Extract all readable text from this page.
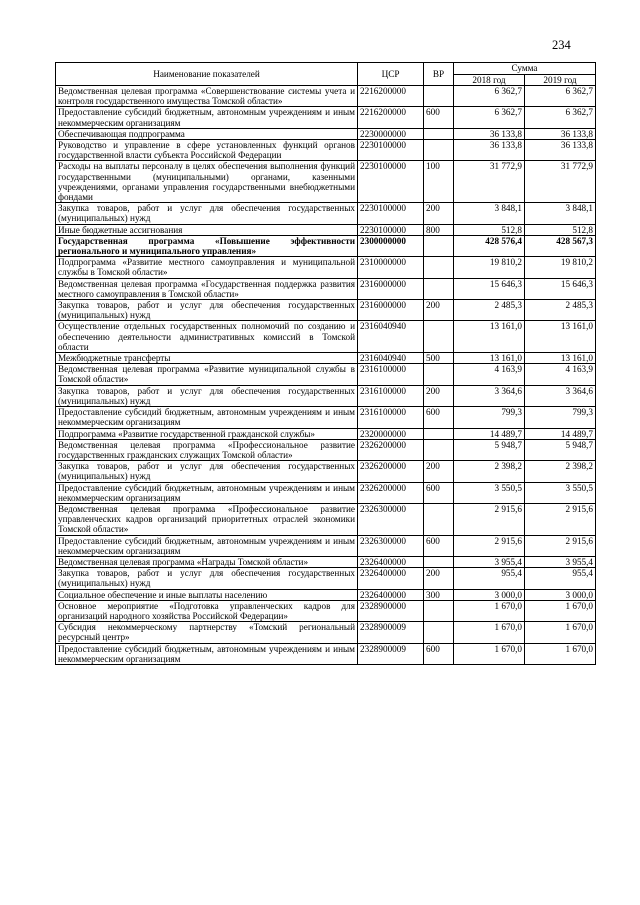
234
Наименование показателей	ЦСР	ВР	Сумма	
			2018 год	2019 год
Ведомственная целевая программа «Совершенствование системы учета и контроля государственного имущества Томской области»	2216200000		6 362,7	6 362,7
Предоставление субсидий бюджетным, автономным учреждениям и иным некоммерческим организациям	2216200000	600	6 362,7	6 362,7
Обеспечивающая подпрограмма	2230000000		36 133,8	36 133,8
Руководство и управление в сфере установленных функций органов государственной власти субъекта Российской Федерации	2230100000		36 133,8	36 133,8
Расходы на выплаты персоналу в целях обеспечения выполнения функций государственными (муниципальными) органами, казенными учреждениями, органами управления государственными внебюджетными фондами	2230100000	100	31 772,9	31 772,9
Закупка товаров, работ и услуг для обеспечения государственных (муниципальных) нужд	2230100000	200	3 848,1	3 848,1
Иные бюджетные ассигнования	2230100000	800	512,8	512,8
Государственная программа «Повышение эффективности регионального и муниципального управления»	2300000000		428 576,4	428 567,3
Подпрограмма «Развитие местного самоуправления и муниципальной службы в Томской области»	2310000000		19 810,2	19 810,2
Ведомственная целевая программа «Государственная поддержка развития местного самоуправления в Томской области»	2316000000		15 646,3	15 646,3
Закупка товаров, работ и услуг для обеспечения государственных (муниципальных) нужд	2316000000	200	2 485,3	2 485,3
Осуществление отдельных государственных полномочий по созданию и обеспечению деятельности административных комиссий в Томской области	2316040940		13 161,0	13 161,0
Межбюджетные трансферты	2316040940	500	13 161,0	13 161,0
Ведомственная целевая программа «Развитие муниципальной службы в Томской области»	2316100000		4 163,9	4 163,9
Закупка товаров, работ и услуг для обеспечения государственных (муниципальных) нужд	2316100000	200	3 364,6	3 364,6
Предоставление субсидий бюджетным, автономным учреждениям и иным некоммерческим организациям	2316100000	600	799,3	799,3
Подпрограмма «Развитие государственной гражданской службы»	2320000000		14 489,7	14 489,7
Ведомственная целевая программа «Профессиональное развитие государственных гражданских служащих Томской области»	2326200000		5 948,7	5 948,7
Закупка товаров, работ и услуг для обеспечения государственных (муниципальных) нужд	2326200000	200	2 398,2	2 398,2
Предоставление субсидий бюджетным, автономным учреждениям и иным некоммерческим организациям	2326200000	600	3 550,5	3 550,5
Ведомственная целевая программа «Профессиональное развитие управленческих кадров организаций приоритетных отраслей экономики Томской области»	2326300000		2 915,6	2 915,6
Предоставление субсидий бюджетным, автономным учреждениям и иным некоммерческим организациям	2326300000	600	2 915,6	2 915,6
Ведомственная целевая программа «Награды Томской области»	2326400000		3 955,4	3 955,4
Закупка товаров, работ и услуг для обеспечения государственных (муниципальных) нужд	2326400000	200	955,4	955,4
Социальное обеспечение и иные выплаты населению	2326400000	300	3 000,0	3 000,0
Основное мероприятие «Подготовка управленческих кадров для организаций народного хозяйства Российской Федерации»	2328900000		1 670,0	1 670,0
Субсидия некоммерческому партнерству «Томский региональный ресурсный центр»	2328900009		1 670,0	1 670,0
Предоставление субсидий бюджетным, автономным учреждениям и иным некоммерческим организациям	2328900009	600	1 670,0	1 670,0
